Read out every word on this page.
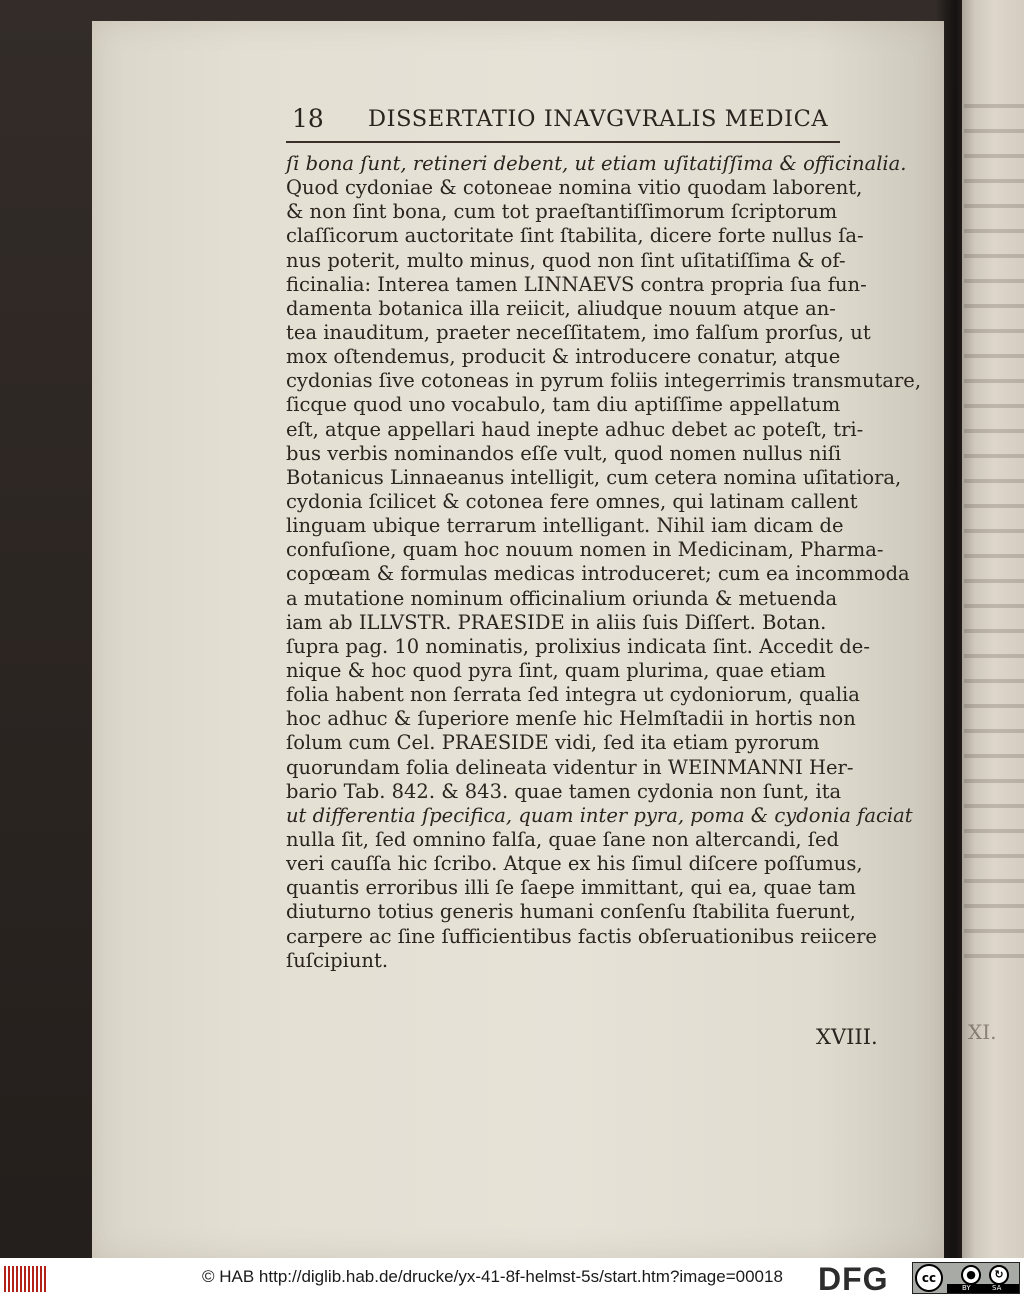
XI.
18 DISSERTATIO INAVGVRALIS MEDICA
ſi bona ſunt, retineri debent, ut etiam uſitatiſſima & officinalia.
Quod cydoniae & cotoneae nomina vitio quodam laborent,
& non ſint bona, cum tot praeſtantiſſimorum ſcriptorum
claſſicorum auctoritate ſint ſtabilita, dicere forte nullus ſa-
nus poterit, multo minus, quod non ſint uſitatiſſima & of-
ficinalia: Interea tamen LINNAEVS contra propria ſua fun-
damenta botanica illa reiicit, aliudque nouum atque an-
tea inauditum, praeter neceſſitatem, imo falſum prorſus, ut
mox oſtendemus, producit & introducere conatur, atque
cydonias ſive cotoneas in pyrum foliis integerrimis transmutare,
ſicque quod uno vocabulo, tam diu aptiſſime appellatum
eſt, atque appellari haud inepte adhuc debet ac poteſt, tri-
bus verbis nominandos eſſe vult, quod nomen nullus niſi
Botanicus Linnaeanus intelligit, cum cetera nomina uſitatiora,
cydonia ſcilicet & cotonea fere omnes, qui latinam callent
linguam ubique terrarum intelligant. Nihil iam dicam de
confuſione, quam hoc nouum nomen in Medicinam, Pharma-
copœam & formulas medicas introduceret; cum ea incommoda
a mutatione nominum officinalium oriunda & metuenda
iam ab ILLVSTR. PRAESIDE in aliis ſuis Diſſert. Botan.
ſupra pag. 10 nominatis, prolixius indicata ſint. Accedit de-
nique & hoc quod pyra ſint, quam plurima, quae etiam
folia habent non ſerrata ſed integra ut cydoniorum, qualia
hoc adhuc & ſuperiore menſe hic Helmſtadii in hortis non
ſolum cum Cel. PRAESIDE vidi, ſed ita etiam pyrorum
quorundam folia delineata videntur in WEINMANNI Her-
bario Tab. 842. & 843. quae tamen cydonia non ſunt, ita
ut differentia ſpecifica, quam inter pyra, poma & cydonia faciat
nulla ſit, ſed omnino falſa, quae ſane non altercandi, ſed
veri cauſſa hic ſcribo. Atque ex his ſimul diſcere poſſumus,
quantis erroribus illi ſe ſaepe immittant, qui ea, quae tam
diuturno totius generis humani conſenſu ſtabilita fuerunt,
carpere ac ſine ſufficientibus factis obſeruationibus reiicere
ſuſcipiunt.
XVIII.
© HAB http://diglib.hab.de/drucke/yx-41-8f-helmst-5s/start.htm?image=00018 DFG	cc	●	↻
BY	SA
